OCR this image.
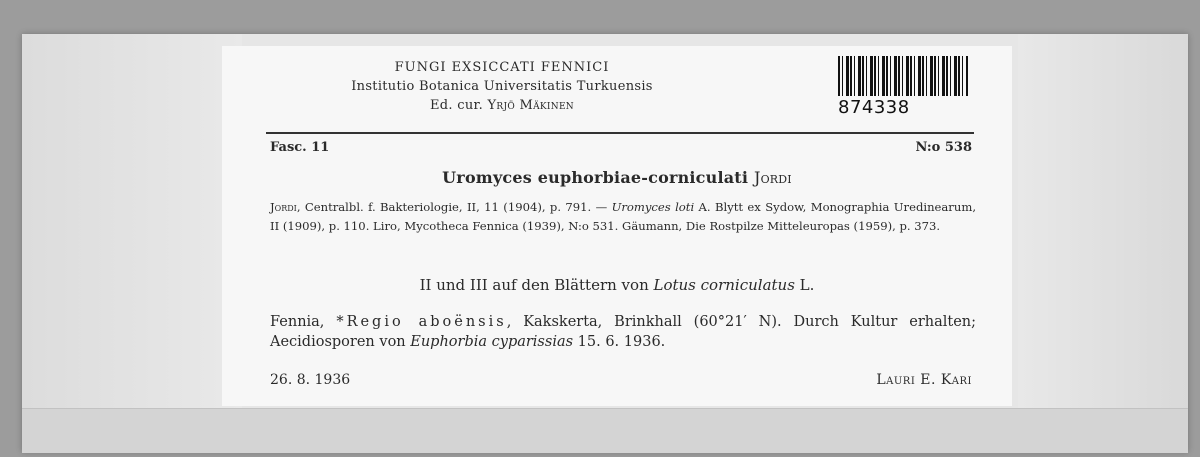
FUNGI EXSICCATI FENNICI
Institutio Botanica Universitatis Turkuensis
Ed. cur. Yrjö Mäkinen	874338
Fasc. 11	N:o 538
Uromyces euphorbiae-corniculati Jordi
Jordi, Centralbl. f. Bakteriologie, II, 11 (1904), p. 791. — Uromyces loti A. Blytt ex Sydow, Monographia Uredinearum, II (1909), p. 110. Liro, Mycotheca Fennica (1939), N:o 531. Gäumann, Die Rostpilze Mitteleuropas (1959), p. 373.
II und III auf den Blättern von Lotus corniculatus L.
Fennia, *Regio aboënsis, Kakskerta, Brinkhall (60°21′ N). Durch Kultur erhalten; Aecidiosporen von Euphorbia cyparissias 15. 6. 1936.
26. 8. 1936	Lauri E. Kari
